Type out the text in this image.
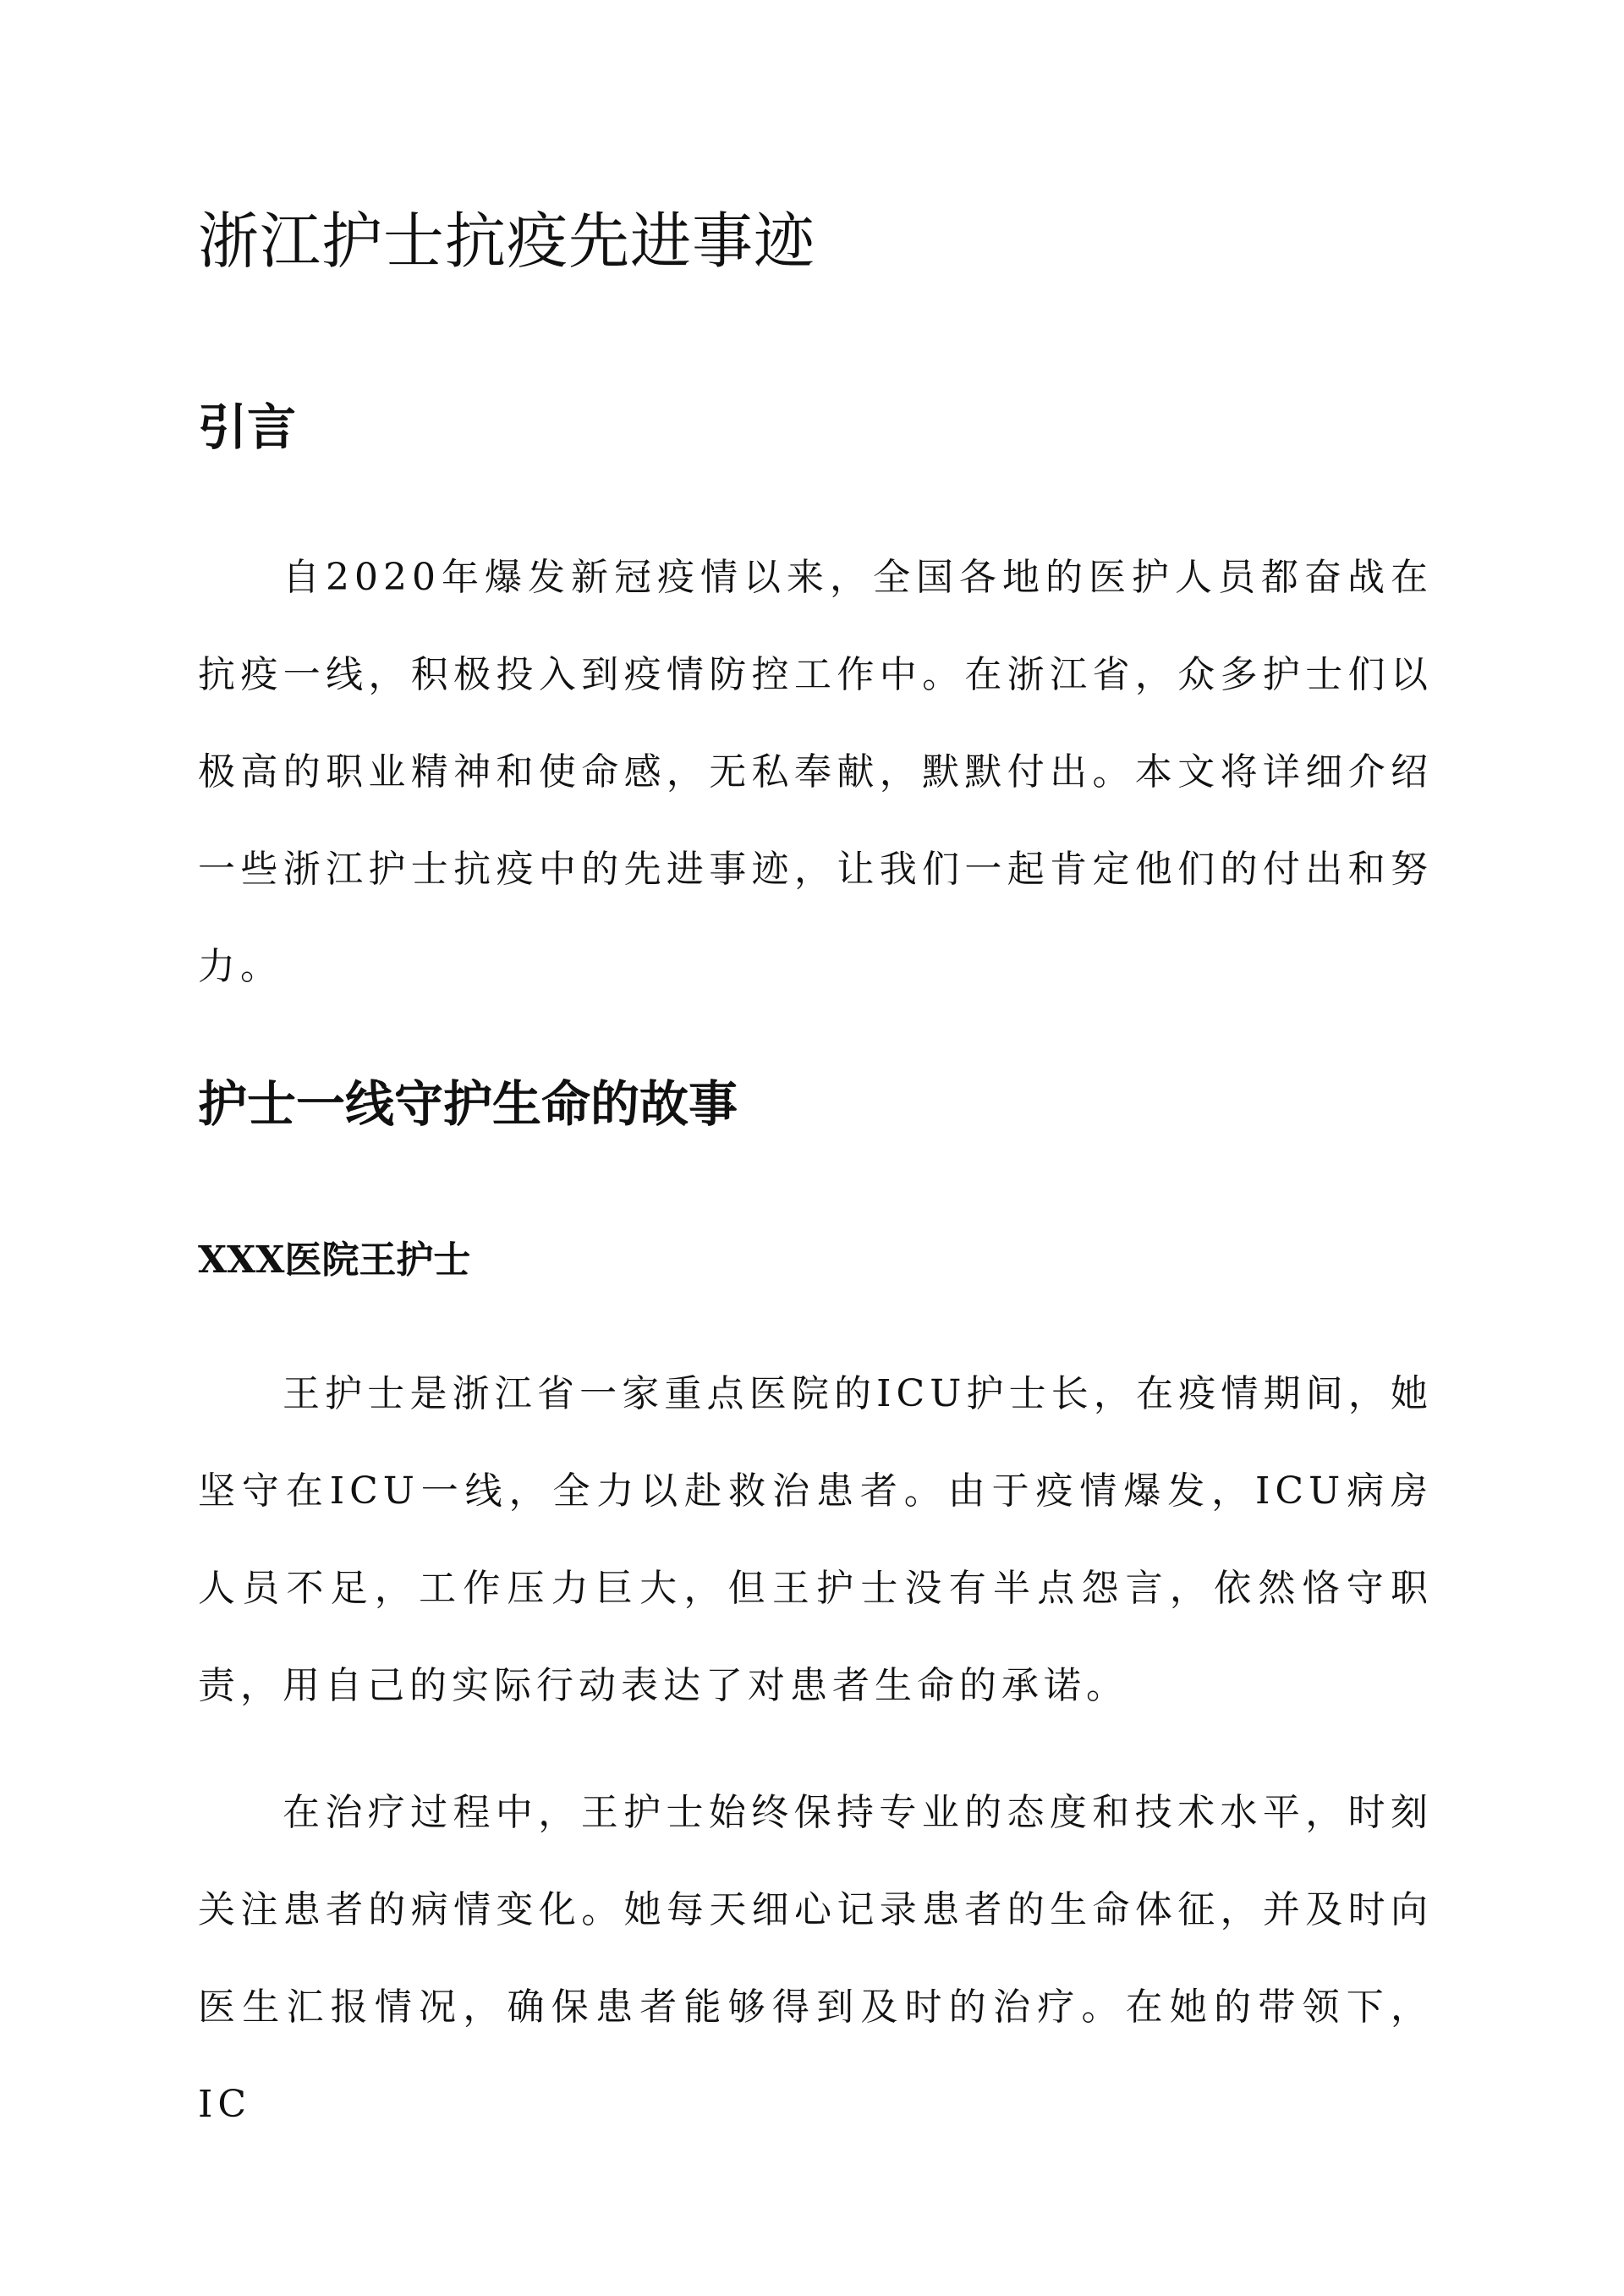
浙江护士抗疫先进事迹
引言

自2020年爆发新冠疫情以来，全国各地的医护人员都奋战在抗疫一线，积极投入到疫情防控工作中。在浙江省，众多护士们以极高的职业精神和使命感，无私奉献，默默付出。本文将详细介绍一些浙江护士抗疫中的先进事迹，让我们一起肯定他们的付出和努力。

护士一线守护生命的故事
XXX医院王护士

王护士是浙江省一家重点医院的ICU护士长，在疫情期间，她坚守在ICU一线，全力以赴救治患者。由于疫情爆发，ICU病房人员不足，工作压力巨大，但王护士没有半点怨言，依然恪守职责，用自己的实际行动表达了对患者生命的承诺。

在治疗过程中，王护士始终保持专业的态度和技术水平，时刻关注患者的病情变化。她每天细心记录患者的生命体征，并及时向医生汇报情况，确保患者能够得到及时的治疗。在她的带领下，IC
